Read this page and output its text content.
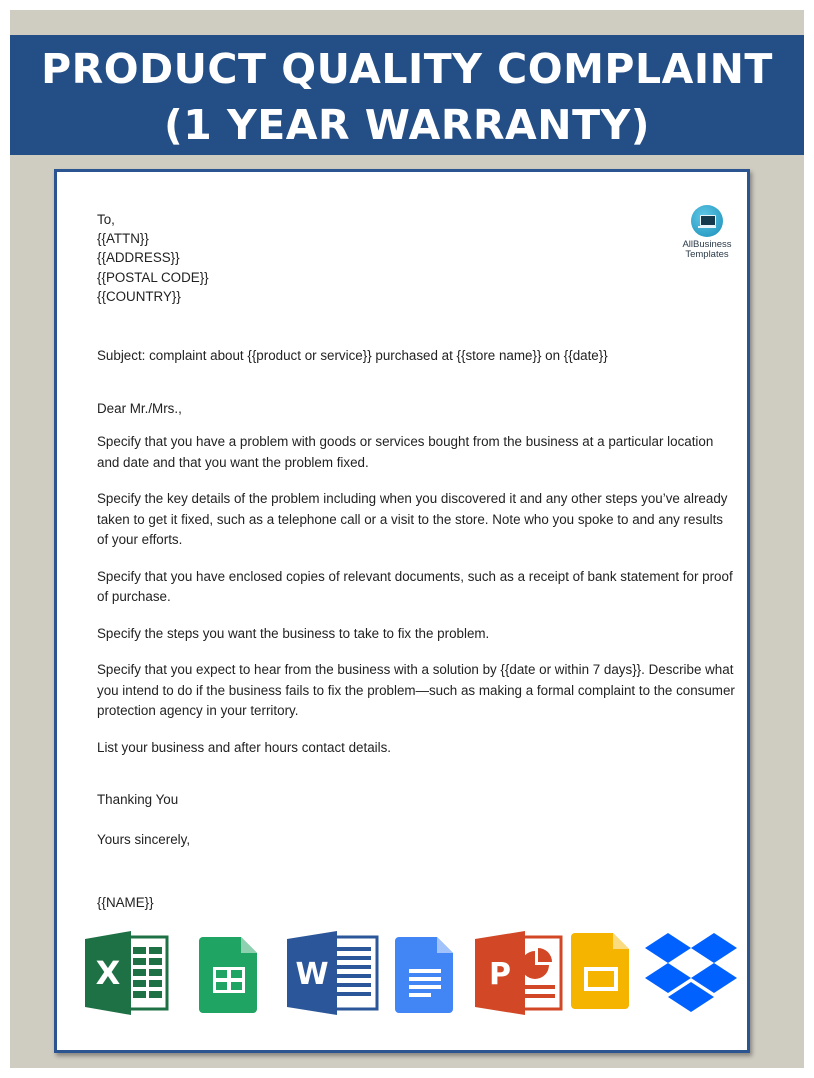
PRODUCT QUALITY COMPLAINT
(1 YEAR WARRANTY)
AllBusiness
Templates

To,

{{ATTN}}

{{ADDRESS}}

{{POSTAL CODE}}

{{COUNTRY}}

Subject: complaint about {{product or service}} purchased at {{store name}} on {{date}}

Dear Mr./Mrs.,

Specify that you have a problem with goods or services bought from the business at a particular location and date and that you want the problem fixed.

Specify the key details of the problem including when you discovered it and any other steps you’ve already taken to get it fixed, such as a telephone call or a visit to the store. Note who you spoke to and any results of your efforts.

Specify that you have enclosed copies of relevant documents, such as a receipt of bank statement for proof of purchase.

Specify the steps you want the business to take to fix the problem.

Specify that you expect to hear from the business with a solution by {{date or within 7 days}}. Describe what you intend to do if the business fails to fix the problem—such as making a formal complaint to the consumer protection agency in your territory.

List your business and after hours contact details.

Thanking You

Yours sincerely,

{{NAME}}

X	W	P
